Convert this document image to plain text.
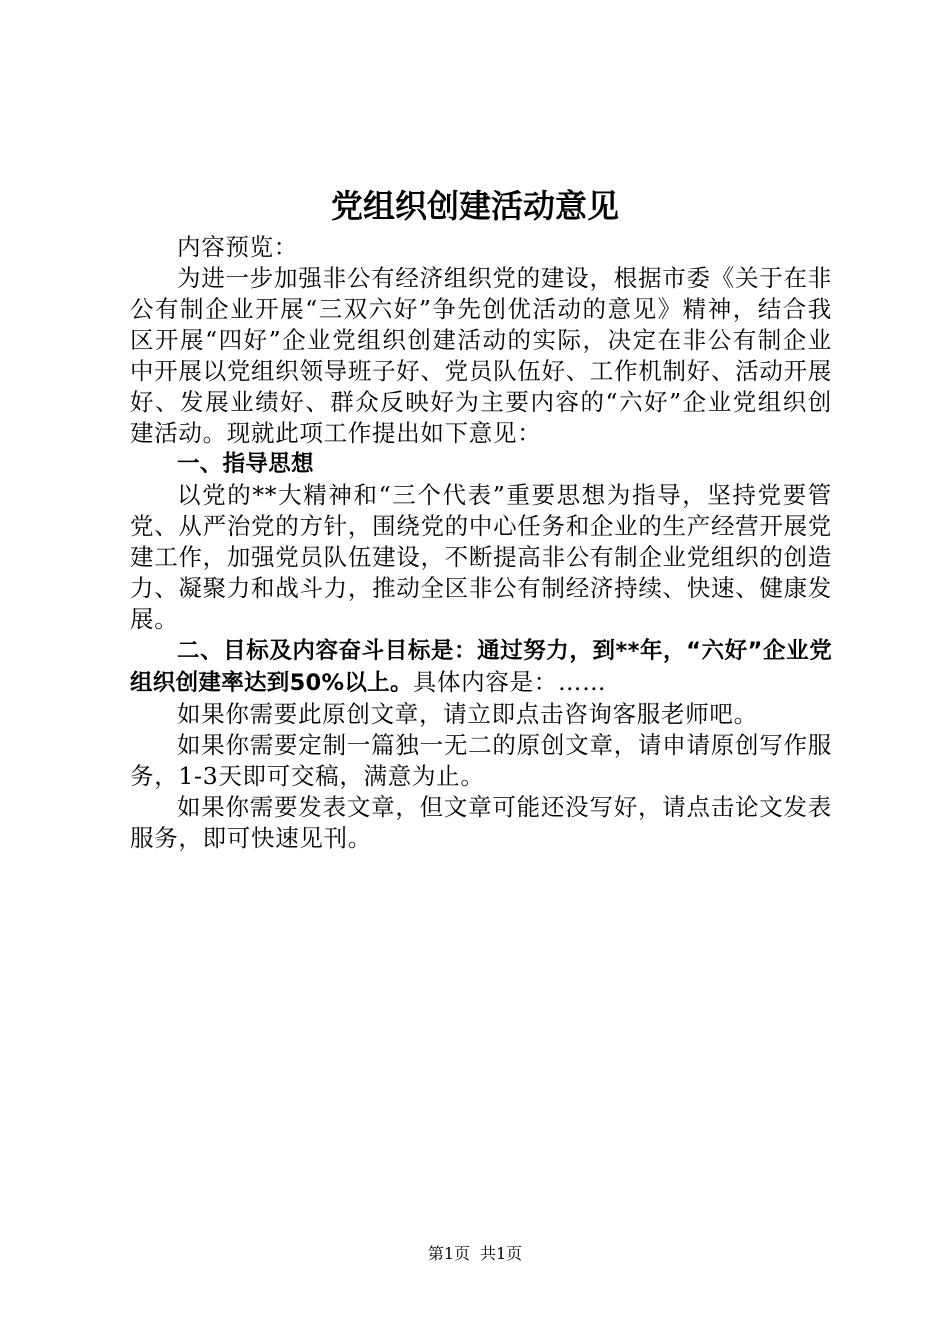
党组织创建活动意见

内容预览：

为进一步加强非公有经济组织党的建设，根据市委《关于在非公有制企业开展“三双六好”争先创优活动的意见》精神，结合我区开展“四好”企业党组织创建活动的实际，决定在非公有制企业中开展以党组织领导班子好、党员队伍好、工作机制好、活动开展好、发展业绩好、群众反映好为主要内容的“六好”企业党组织创建活动。现就此项工作提出如下意见：

一、指导思想

以党的**大精神和“三个代表”重要思想为指导，坚持党要管党、从严治党的方针，围绕党的中心任务和企业的生产经营开展党建工作，加强党员队伍建设，不断提高非公有制企业党组织的创造力、凝聚力和战斗力，推动全区非公有制经济持续、快速、健康发展。

二、目标及内容奋斗目标是：通过努力，到**年，“六好”企业党组织创建率达到50%以上。具体内容是：……

如果你需要此原创文章，请立即点击咨询客服老师吧。

如果你需要定制一篇独一无二的原创文章，请申请原创写作服务，1-3天即可交稿，满意为止。

如果你需要发表文章，但文章可能还没写好，请点击论文发表服务，即可快速见刊。

第1页 共1页
